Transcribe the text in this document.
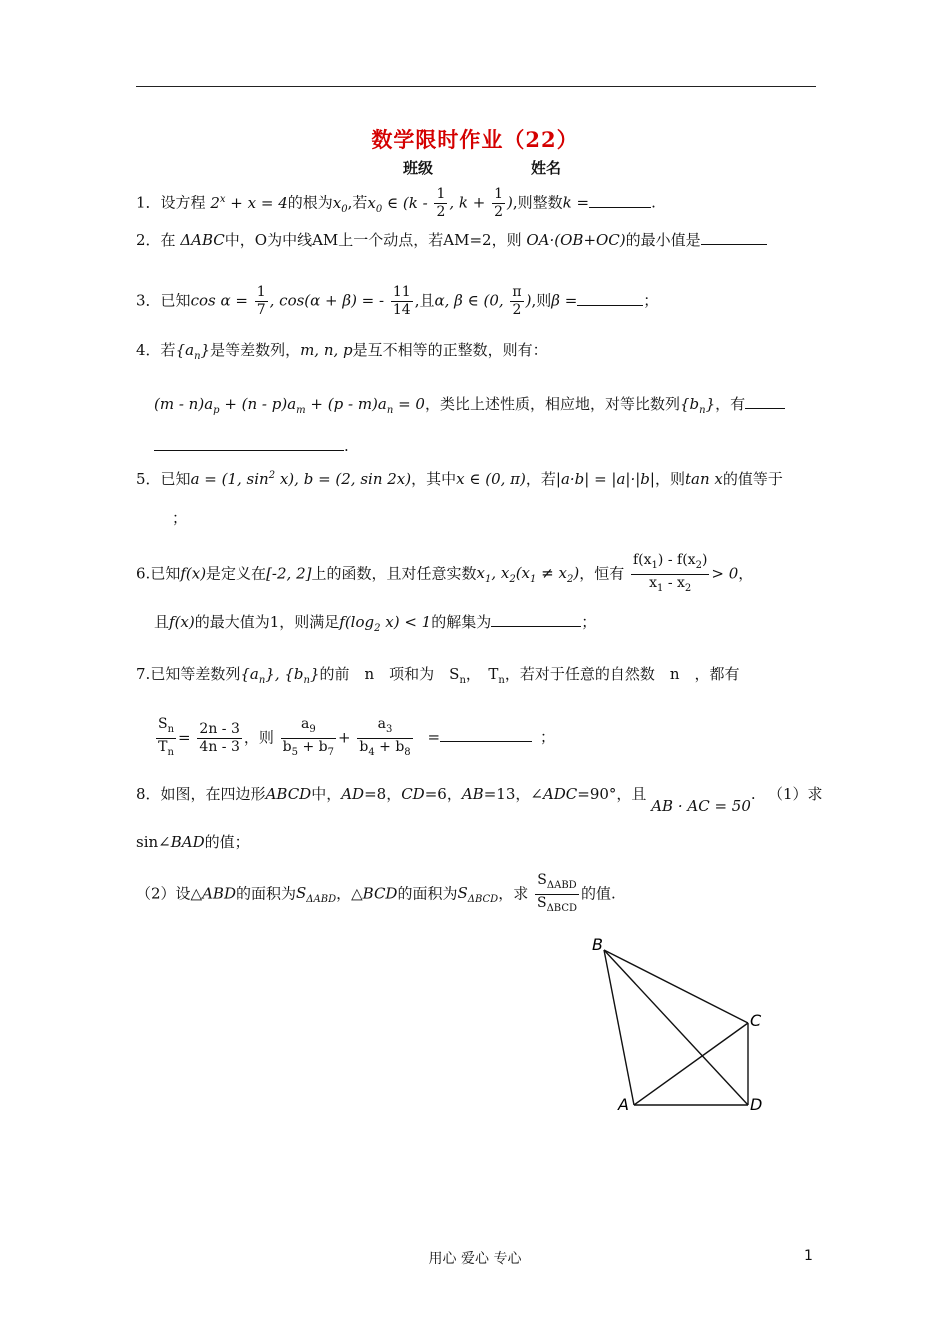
数学限时作业（22）
班级	姓名
1．设方程 $2^x + x = 4$的根为$x_0$,若$x_0$ ∈ ($k - \frac{1}{2}$ , $k + \frac{1}{2}$ ),则整数k =	.
2．在 ΔABC中，O为中线AM上一个动点，若AM=2，则 OA·(OB+OC)的最小值是
3．已知$\cos \alpha = \frac{1}{7}$ , cos(α + β) = - $\frac{11}{14}$ ,且α, β ∈ (0, $\frac{\pi}{2}$ ),则β =	；
4．若$\{a_n\}$是等差数列，m, n, p是互不相等的正整数，则有：
$(m - n)a_p + (n - p)a_m + (p - m)a_n = 0$，类比上述性质，相应地，对等比数列$\{b_n\}$，有
.
5．已知a = (1, $\sin^2 x$), b = (2, sin 2x)，其中x ∈ (0, π)，若|a·b| = |a|·|b|，则tan x的值等于
；
6.已知f(x)是定义在[-2, 2]上的函数，且对任意实数$x_1$, $x_2(x_1 \ne x_2)$，恒有 $\frac{f(x_1) - f(x_2)}{x_1 - x_2} > 0$，
且f(x)的最大值为1，则满足$f(\log_2$ x) < 1的解集为	；
7.已知等差数列$\{a_n\}$, $\{b_n\}$的前　n　项和为　$S_n$，　$T_n$，若对于任意的自然数　n　，都有
$\frac{S_n}{T_n} = \frac{2n - 3}{4n - 3}$ ，则 $\frac{a_9}{b_5 + b_7} + \frac{a_3}{b_4 + b_8}$ =	；
8．如图，在四边形ABCD中，AD=8，CD=6，AB=13，∠ADC=90°，且 AB · AC = 50. （1）求
sin∠BAD的值；
（2）设△ABD的面积为$S_{\Delta ABD}$，△BCD的面积为$S_{\Delta BCD}$，求 $\frac{S_{\Delta ABD}}{S_{\Delta BCD}}$ 的值.
B
C
A	D
用心 爱心 专心	1
